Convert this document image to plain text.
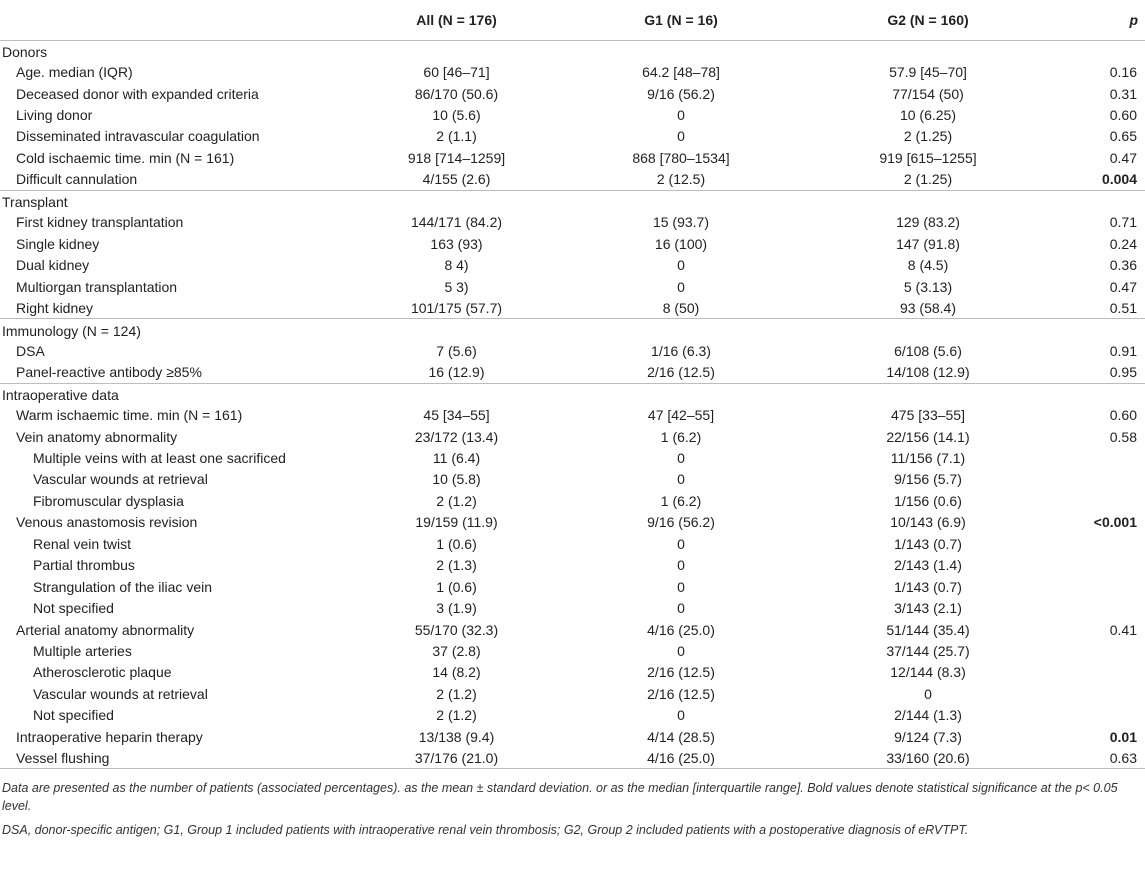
	All (N = 176)	G1 (N = 16)	G2 (N = 160)	p
Donors				
Age. median (IQR)	60 [46–71]	64.2 [48–78]	57.9 [45–70]	0.16
Deceased donor with expanded criteria	86/170 (50.6)	9/16 (56.2)	77/154 (50)	0.31
Living donor	10 (5.6)	0	10 (6.25)	0.60
Disseminated intravascular coagulation	2 (1.1)	0	2 (1.25)	0.65
Cold ischaemic time. min (N = 161)	918 [714–1259]	868 [780–1534]	919 [615–1255]	0.47
Difficult cannulation	4/155 (2.6)	2 (12.5)	2 (1.25)	0.004
Transplant				
First kidney transplantation	144/171 (84.2)	15 (93.7)	129 (83.2)	0.71
Single kidney	163 (93)	16 (100)	147 (91.8)	0.24
Dual kidney	8 4)	0	8 (4.5)	0.36
Multiorgan transplantation	5 3)	0	5 (3.13)	0.47
Right kidney	101/175 (57.7)	8 (50)	93 (58.4)	0.51
Immunology (N = 124)				
DSA	7 (5.6)	1/16 (6.3)	6/108 (5.6)	0.91
Panel-reactive antibody ≥85%	16 (12.9)	2/16 (12.5)	14/108 (12.9)	0.95
Intraoperative data				
Warm ischaemic time. min (N = 161)	45 [34–55]	47 [42–55]	475 [33–55]	0.60
Vein anatomy abnormality	23/172 (13.4)	1 (6.2)	22/156 (14.1)	0.58
Multiple veins with at least one sacrificed	11 (6.4)	0	11/156 (7.1)	
Vascular wounds at retrieval	10 (5.8)	0	9/156 (5.7)	
Fibromuscular dysplasia	2 (1.2)	1 (6.2)	1/156 (0.6)	
Venous anastomosis revision	19/159 (11.9)	9/16 (56.2)	10/143 (6.9)	<0.001
Renal vein twist	1 (0.6)	0	1/143 (0.7)	
Partial thrombus	2 (1.3)	0	2/143 (1.4)	
Strangulation of the iliac vein	1 (0.6)	0	1/143 (0.7)	
Not specified	3 (1.9)	0	3/143 (2.1)	
Arterial anatomy abnormality	55/170 (32.3)	4/16 (25.0)	51/144 (35.4)	0.41
Multiple arteries	37 (2.8)	0	37/144 (25.7)	
Atherosclerotic plaque	14 (8.2)	2/16 (12.5)	12/144 (8.3)	
Vascular wounds at retrieval	2 (1.2)	2/16 (12.5)	0	
Not specified	2 (1.2)	0	2/144 (1.3)	
Intraoperative heparin therapy	13/138 (9.4)	4/14 (28.5)	9/124 (7.3)	0.01
Vessel flushing	37/176 (21.0)	4/16 (25.0)	33/160 (20.6)	0.63
Data are presented as the number of patients (associated percentages). as the mean ± standard deviation. or as the median [interquartile range]. Bold values denote statistical significance at the p< 0.05 level.
DSA, donor-specific antigen; G1, Group 1 included patients with intraoperative renal vein thrombosis; G2, Group 2 included patients with a postoperative diagnosis of eRVTPT.
